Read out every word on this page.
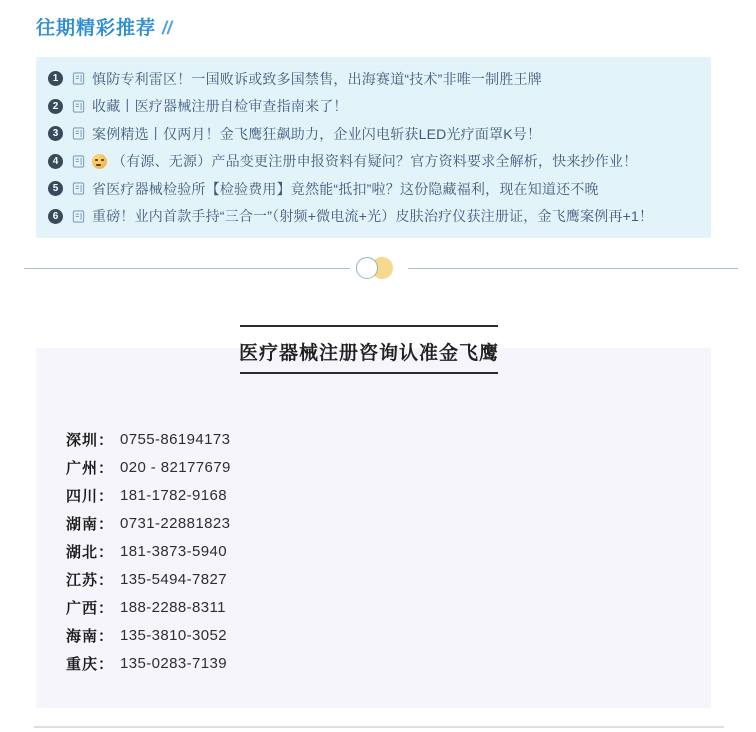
往期精彩推荐 //
1	慎防专利雷区！一国败诉或致多国禁售，出海赛道“技术”非唯一制胜王牌
2	收藏丨医疗器械注册自检审查指南来了！
3	案例精选丨仅两月！金飞鹰狂飙助力，企业闪电斩获LED光疗面罩K号！
4	（有源、无源）产品变更注册申报资料有疑问？官方资料要求全解析，快来抄作业！
5	省医疗器械检验所【检验费用】竟然能“抵扣”啦？这份隐藏福利，现在知道还不晚
6	重磅！业内首款手持“三合一”（射频+微电流+光）皮肤治疗仪获注册证，金飞鹰案例再+1！
医疗器械注册咨询认准金飞鹰
深圳： 0755-86194173
广州： 020 - 82177679
四川： 181-1782-9168
湖南： 0731-22881823
湖北： 181-3873-5940
江苏： 135-5494-7827
广西： 188-2288-8311
海南： 135-3810-3052
重庆： 135-0283-7139
